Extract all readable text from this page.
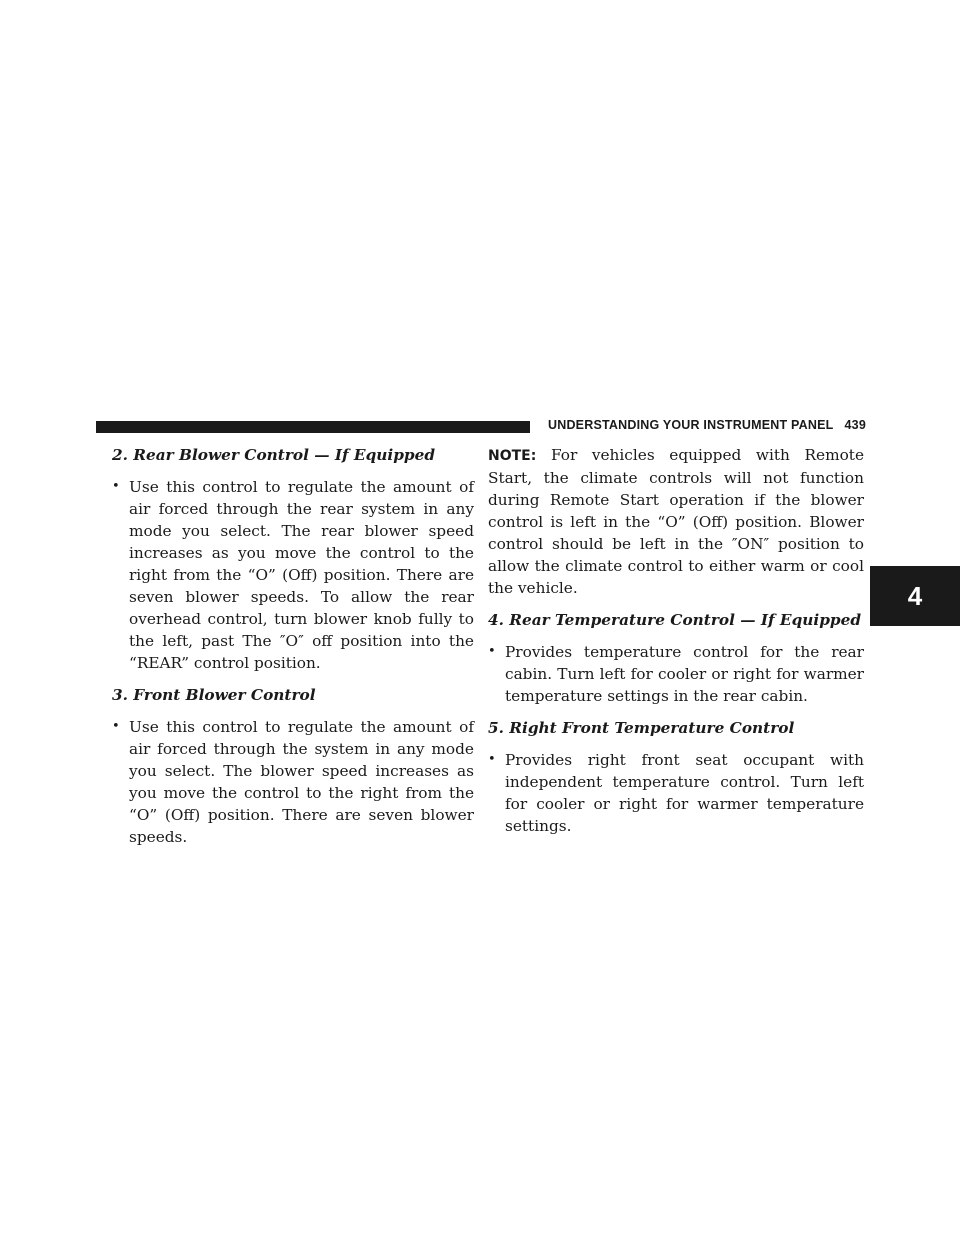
UNDERSTANDING YOUR INSTRUMENT PANEL 439
4

2. Rear Blower Control — If Equipped

• Use this control to regulate the amount of air forced through the rear system in any mode you select. The rear blower speed increases as you move the control to the right from the “O” (Off) position. There are seven blower speeds. To allow the rear overhead control, turn blower knob fully to the left, past The ″O″ off position into the “REAR” control position.

3. Front Blower Control

• Use this control to regulate the amount of air forced through the system in any mode you select. The blower speed increases as you move the control to the right from the “O” (Off) position. There are seven blower speeds.

NOTE: For vehicles equipped with Remote Start, the climate controls will not function during Remote Start operation if the blower control is left in the “O” (Off) position. Blower control should be left in the ″ON″ position to allow the climate control to either warm or cool the vehicle.

4. Rear Temperature Control — If Equipped

• Provides temperature control for the rear cabin. Turn left for cooler or right for warmer temperature settings in the rear cabin.

5. Right Front Temperature Control

• Provides right front seat occupant with independent temperature control. Turn left for cooler or right for warmer temperature settings.
